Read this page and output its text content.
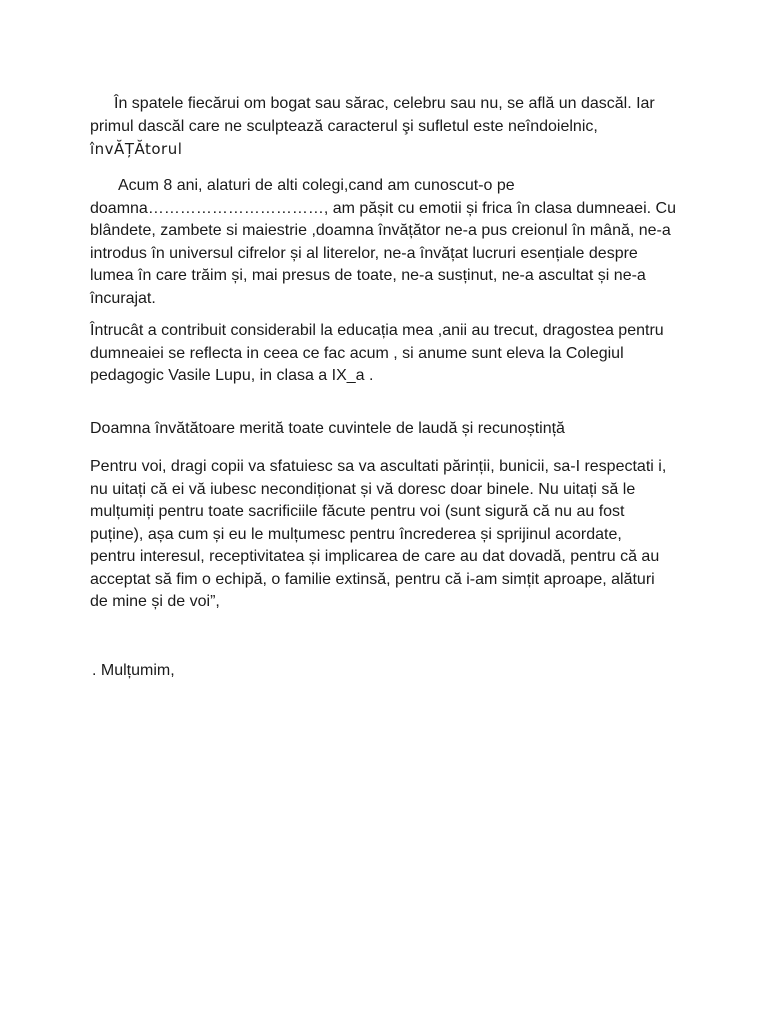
În spatele fiecărui om bogat sau sărac, celebru sau nu, se află un dascăl. Iar
primul dascăl care ne sculptează caracterul şi sufletul este neîndoielnic,
învĂȚĂtorul

Acum 8 ani, alaturi de alti colegi,cand am cunoscut-o pe
doamna……………………………, am pășit cu emotii și frica în clasa dumneaei. Cu
blândete, zambete si maiestrie ,doamna învățător ne-a pus creionul în mână, ne-a
introdus în universul cifrelor și al literelor, ne-a învățat lucruri esențiale despre
lumea în care trăim și, mai presus de toate, ne-a susținut, ne-a ascultat și ne-a
încurajat.

Întrucât a contribuit considerabil la educația mea ,anii au trecut, dragostea pentru
dumneaiei se reflecta in ceea ce fac acum , si anume sunt eleva la Colegiul
pedagogic Vasile Lupu, in clasa a IX_a .

Doamna învătătoare merită toate cuvintele de laudă și recunoștință

Pentru voi, dragi copii va sfatuiesc sa va ascultati părinții, bunicii, sa-I respectati i,
nu uitați că ei vă iubesc necondiționat și vă doresc doar binele. Nu uitați să le
mulțumiți pentru toate sacrificiile făcute pentru voi (sunt sigură că nu au fost
puține), așa cum și eu le mulțumesc pentru încrederea și sprijinul acordate,
pentru interesul, receptivitatea și implicarea de care au dat dovadă, pentru că au
acceptat să fim o echipă, o familie extinsă, pentru că i-am simțit aproape, alături
de mine și de voi”,

. Mulțumim,
